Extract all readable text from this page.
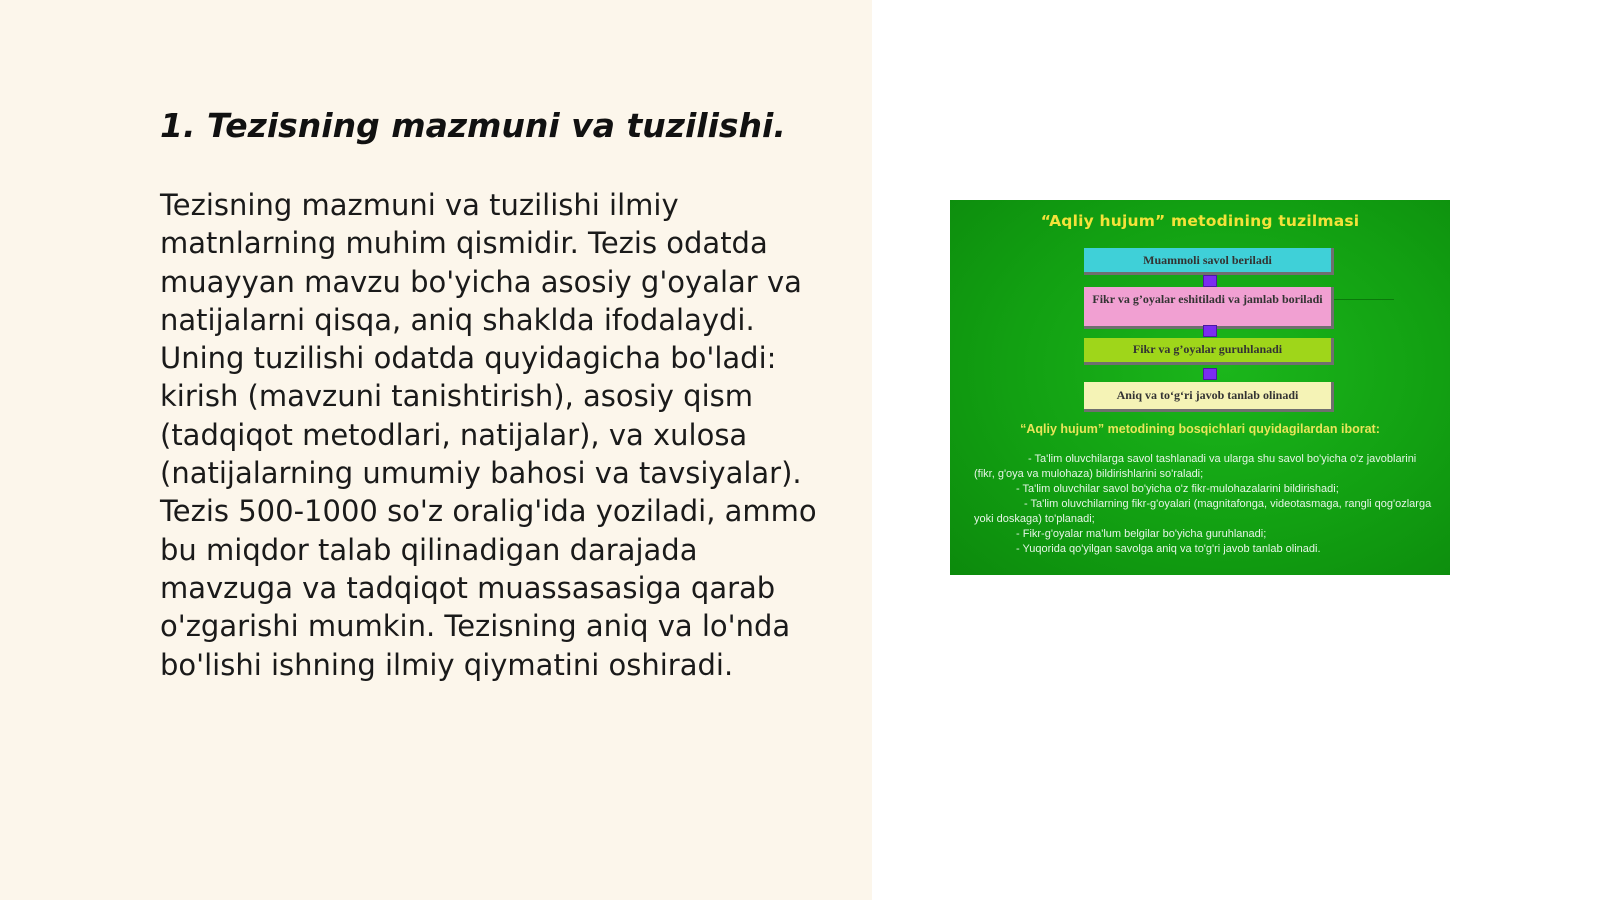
1. Tezisning mazmuni va tuzilishi.

Tezisning mazmuni va tuzilishi ilmiy matnlarning muhim qismidir. Tezis odatda muayyan mavzu bo'yicha asosiy g'oyalar va natijalarni qisqa, aniq shaklda ifodalaydi. Uning tuzilishi odatda quyidagicha bo'ladi: kirish (mavzuni tanishtirish), asosiy qism (tadqiqot metodlari, natijalar), va xulosa (natijalarning umumiy bahosi va tavsiyalar). Tezis 500-1000 so'z oralig'ida yoziladi, ammo bu miqdor talab qilinadigan darajada mavzuga va tadqiqot muassasasiga qarab o'zgarishi mumkin. Tezisning aniq va lo'nda bo'lishi ishning ilmiy qiymatini oshiradi.

“Aqliy hujum” metodining tuzilmasi
Muammoli savol beriladi
Fikr va g’oyalar eshitiladi va jamlab boriladi
Fikr va g’oyalar guruhlanadi
Aniq va to‘g‘ri javob tanlab olinadi
“Aqliy hujum” metodining bosqichlari quyidagilardan iborat:
- Ta'lim oluvchilarga savol tashlanadi va ularga shu savol bo'yicha o'z javoblarini (fikr, g'oya va mulohaza) bildirishlarini so'raladi;
- Ta'lim oluvchilar savol bo'yicha o'z fikr-mulohazalarini bildirishadi;
- Ta'lim oluvchilarning fikr-g'oyalari (magnitafonga, videotasmaga, rangli qog'ozlarga yoki doskaga) to'planadi;
- Fikr-g'oyalar ma'lum belgilar bo'yicha guruhlanadi;
- Yuqorida qo'yilgan savolga aniq va to'g'ri javob tanlab olinadi.
